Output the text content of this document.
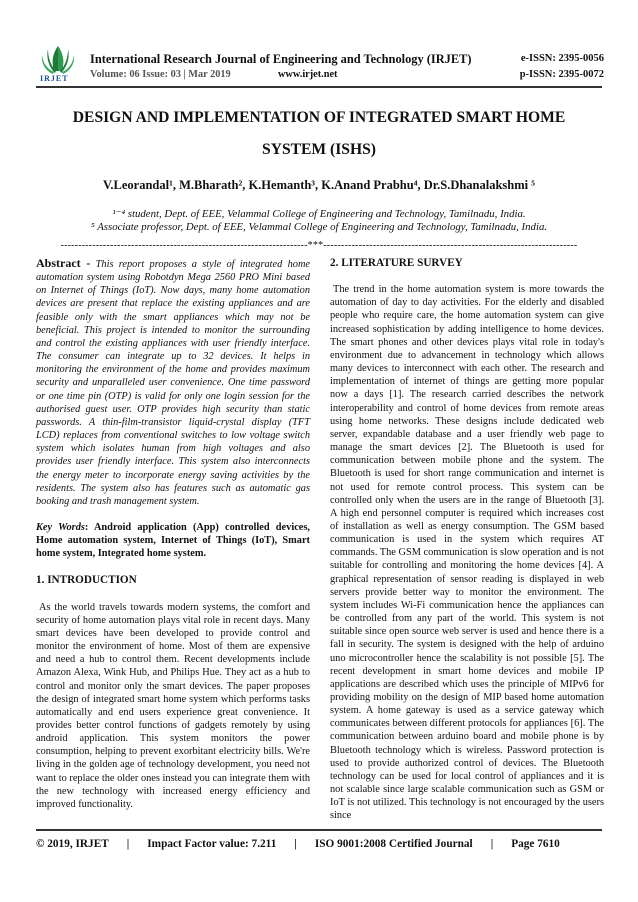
IRJET
International Research Journal of Engineering and Technology (IRJET)
Volume: 06 Issue: 03 | Mar 2019	www.irjet.net
e-ISSN: 2395-0056
p-ISSN: 2395-0072
DESIGN AND IMPLEMENTATION OF INTEGRATED SMART HOME
SYSTEM (ISHS)
V.Leorandal¹, M.Bharath², K.Hemanth³, K.Anand Prabhu⁴, Dr.S.Dhanalakshmi ⁵
¹⁻⁴ student, Dept. of EEE, Velammal College of Engineering and Technology, Tamilnadu, India.
⁵ Associate professor, Dept. of EEE, Velammal College of Engineering and Technology, Tamilnadu, India.
----------------------------------------------------------------------***------------------------------------------------------------------------

Abstract - This report proposes a style of integrated home automation system using Robotdyn Mega 2560 PRO Mini based on Internet of Things (IoT). Now days, many home automation devices are present that replace the existing appliances and are feasible only with the smart appliances which may not be beneficial. This project is intended to monitor the surrounding and control the existing appliances with user friendly interface. The consumer can integrate up to 32 devices. It helps in monitoring the environment of the home and provides maximum security and unparalleled user convenience. One time password or one time pin (OTP) is valid for only one login session for the authorised guest user. OTP provides high security than static passwords. A thin-film-transistor liquid-crystal display (TFT LCD) replaces from conventional switches to low voltage switch system which isolates human from high voltages and also provides user friendly interface. This system also interconnects the energy meter to incorporate energy saving activities by the residents. The system also has features such as automatic gas booking and trash management system.

Key Words: Android application (App) controlled devices, Home automation system, Internet of Things (IoT), Smart home system, Integrated home system.

1. INTRODUCTION

As the world travels towards modern systems, the comfort and security of home automation plays vital role in recent days. Many smart devices have been developed to provide control and monitor the environment of home. Most of them are expensive and need a hub to control them. Recent developments include Amazon Alexa, Wink Hub, and Philips Hue. They act as a hub to control and monitor only the smart devices. The paper proposes the design of integrated smart home system which performs tasks automatically and end users experience great convenience. It provides better control functions of gadgets remotely by using android application. This system monitors the power consumption, helping to prevent exorbitant electricity bills. We're living in the golden age of technology development, you need not want to replace the older ones instead you can integrate them with the new technology with increased energy efficiency and improved functionality.

2. LITERATURE SURVEY

The trend in the home automation system is more towards the automation of day to day activities. For the elderly and disabled people who require care, the home automation system can give increased sophistication by adding intelligence to home devices. The smart phones and other devices plays vital role in today's environment due to advancement in technology which allows many devices to interconnect with each other. The research and implementation of internet of things are getting more popular now a days [1]. The research carried describes the network interoperability and control of home devices from remote areas using home networks. These designs include dedicated web server, expandable database and a user friendly web page to manage the smart devices [2]. The Bluetooth is used for communication between mobile phone and the system. The Bluetooth is used for short range communication and internet is not used for remote control process. This system can be controlled only when the users are in the range of Bluetooth [3]. A high end personnel computer is required which increases cost of installation as well as energy consumption. The GSM based communication is used in the system which requires AT commands. The GSM communication is slow operation and is not suitable for controlling and monitoring the home devices [4]. A graphical representation of sensor reading is displayed in web servers provide better way to monitor the environment. The system includes Wi-Fi communication hence the appliances can be controlled from any part of the world. This system is not suitable since open source web server is used and hence there is a fall in security. The system is designed with the help of arduino uno microcontroller hence the scalability is not possible [5]. The recent development in smart home devices and mobile IP applications are described which uses the principle of MIPv6 for providing mobility on the design of MIP based home automation system. A home gateway is used as a service gateway which communicates between different protocols for appliances [6]. The communication between arduino board and mobile phone is by Bluetooth technology which is wireless. Password protection is used to provide authorized control of devices. The Bluetooth technology can be used for local control of appliances and it is not scalable since large scalable communication such as GSM or IoT is not utilized. This technology is not encouraged by the users since

© 2019, IRJET | Impact Factor value: 7.211 | ISO 9001:2008 Certified Journal | Page 7610
